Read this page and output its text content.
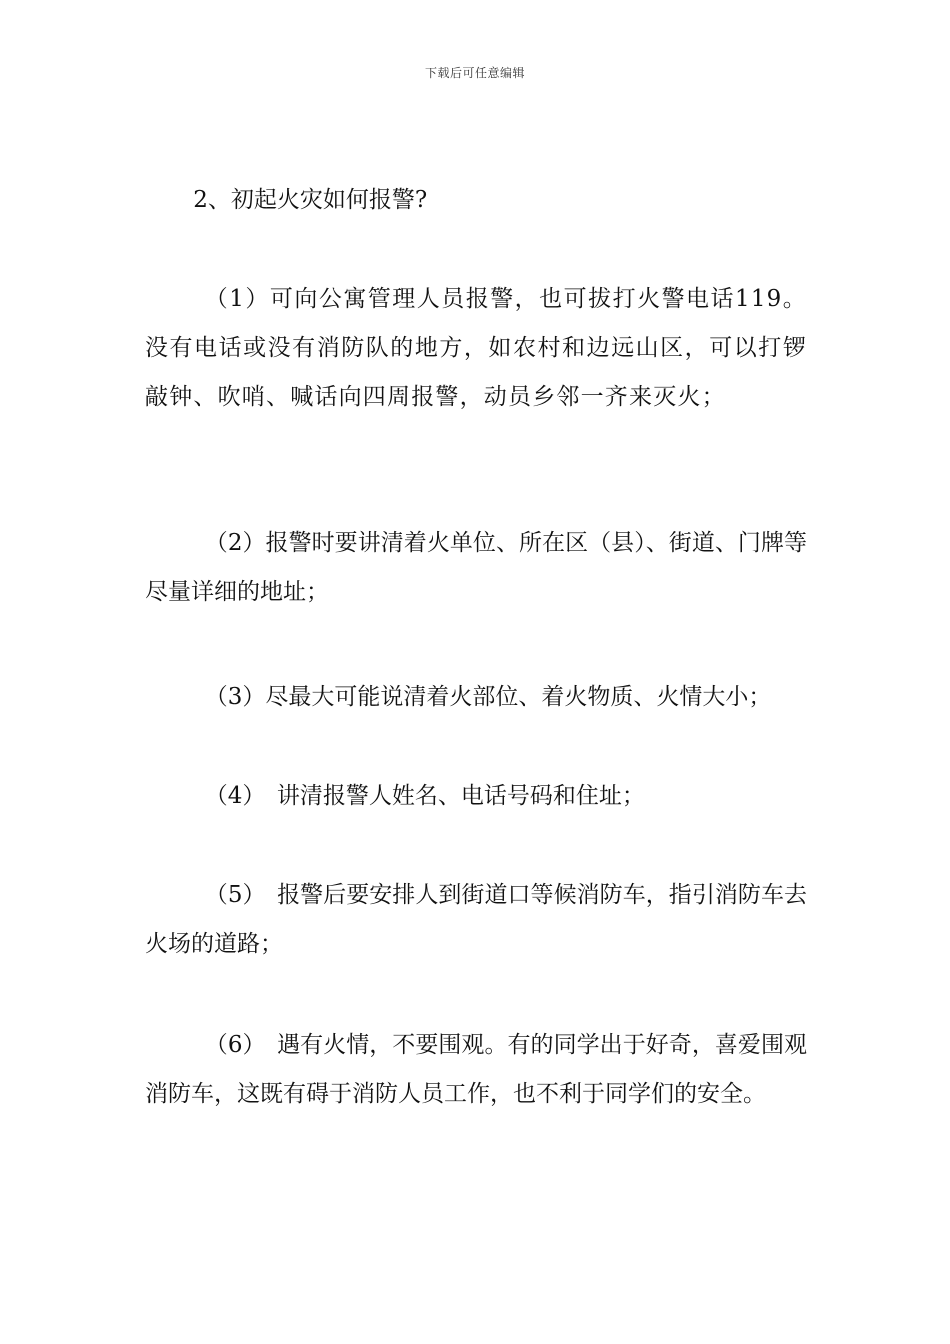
下载后可任意编辑

2、初起火灾如何报警?

（1）可向公寓管理人员报警，也可拔打火警电话119。没有电话或没有消防队的地方，如农村和边远山区，可以打锣敲钟、吹哨、喊话向四周报警，动员乡邻一齐来灭火；

（2）报警时要讲清着火单位、所在区（县）、街道、门牌等尽量详细的地址；

（3）尽最大可能说清着火部位、着火物质、火情大小；

（4）　讲清报警人姓名、电话号码和住址；

（5）　报警后要安排人到街道口等候消防车，指引消防车去火场的道路；

（6）　遇有火情，不要围观。有的同学出于好奇，喜爱围观消防车，这既有碍于消防人员工作，也不利于同学们的安全。
